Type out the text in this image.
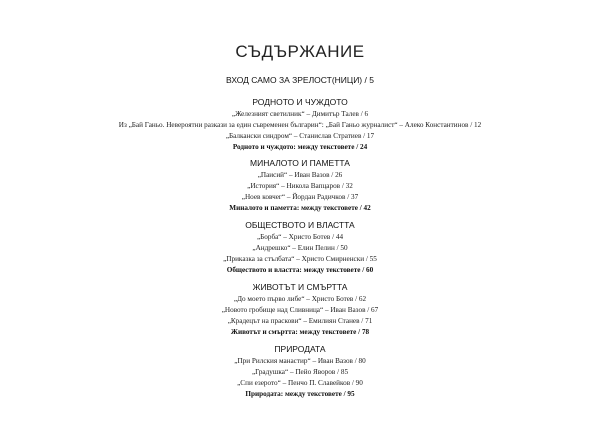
СЪДЪРЖАНИЕ
ВХОД САМО ЗА ЗРЕЛОСТ(НИЦИ) / 5
РОДНОТО И ЧУЖДОТО
„Железният светилник“ – Димитър Талев / 6
Из „Бай Ганьо. Невероятни разкази за един съвременен българин“: „Бай Ганьо журналист“ – Алеко Константинов / 12
„Балкански синдром“ – Станислав Стратиев / 17
Родното и чуждото: между текстовете / 24
МИНАЛОТО И ПАМЕТТА
„Паисий“ – Иван Вазов / 26
„История“ – Никола Вапцаров / 32
„Ноев ковчег“ – Йордан Радичков / 37
Миналото и паметта: между текстовете / 42
ОБЩЕСТВОТО И ВЛАСТТА
„Борба“ – Христо Ботев / 44
„Андрешко“ – Елин Пелин / 50
„Приказка за стълбата“ – Христо Смирненски / 55
Обществото и властта: между текстовете / 60
ЖИВОТЪТ И СМЪРТТА
„До моето първо либе“ – Христо Ботев / 62
„Новото гробище над Сливница“ – Иван Вазов / 67
„Крадецът на праскови“ – Емилиян Станев / 71
Животът и смъртта: между текстовете / 78
ПРИРОДАТА
„При Рилския манастир“ – Иван Вазов / 80
„Градушка“ – Пейо Яворов / 85
„Спи езерото“ – Пенчо П. Славейков / 90
Природата: между текстовете / 95
